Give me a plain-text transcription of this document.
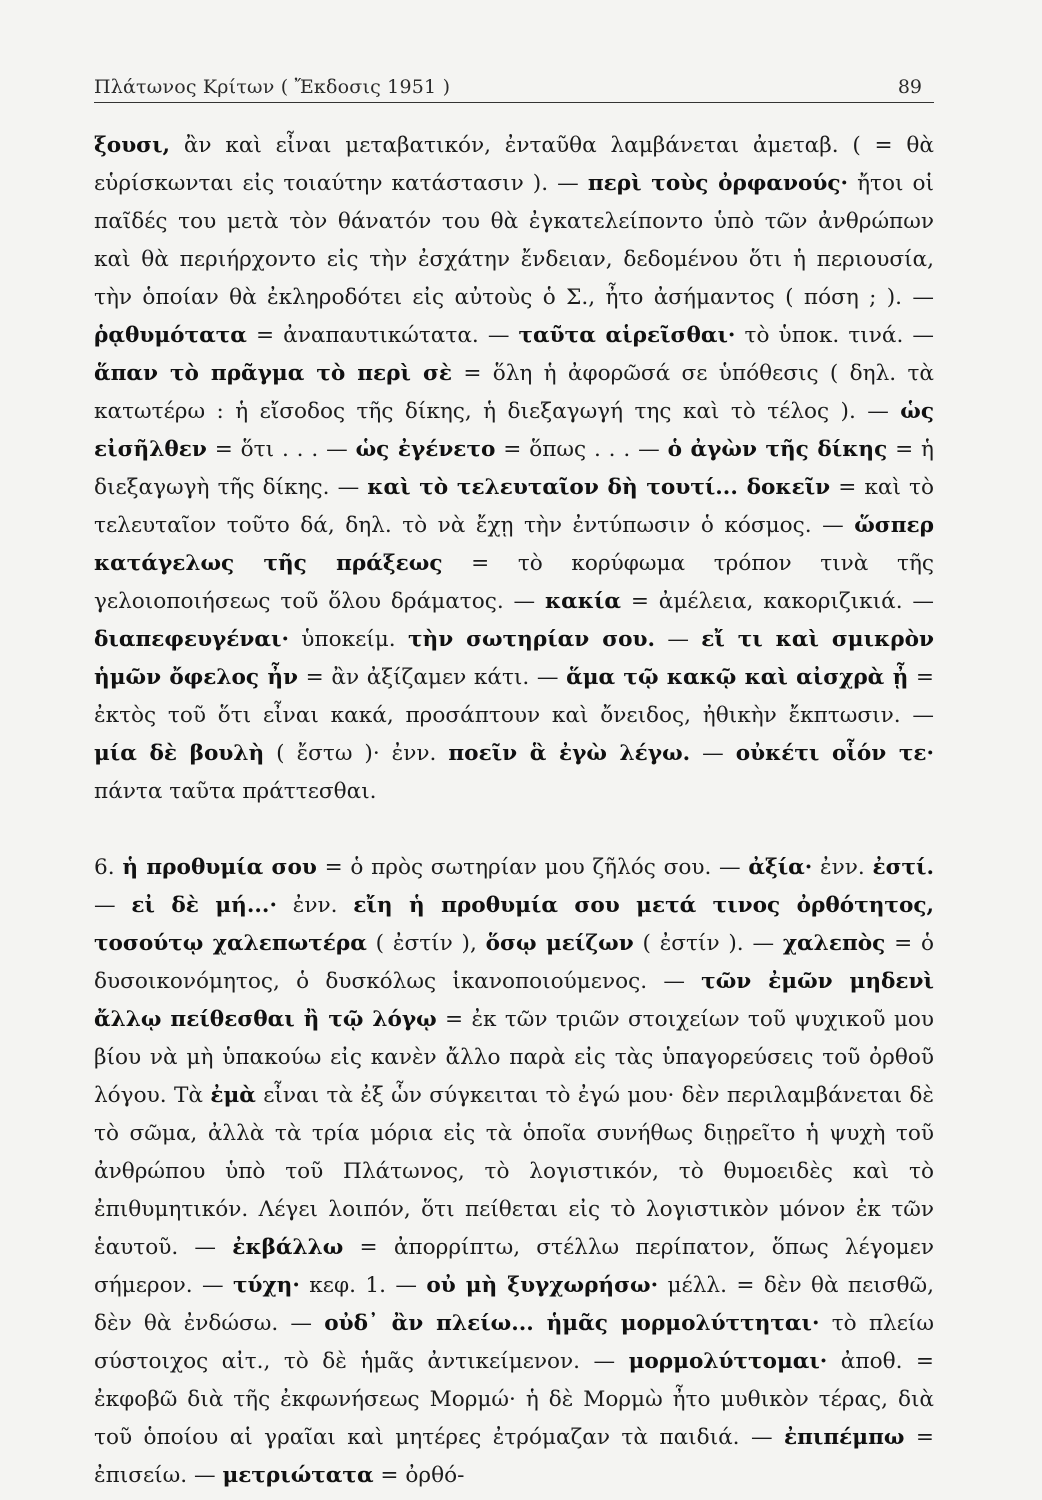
Πλάτωνος Κρίτων ( Ἔκδοσις 1951 )	89

ξουσι, ἂν καὶ εἶναι μεταβατικόν, ἐνταῦθα λαμβάνεται ἀμεταβ. ( = θὰ εὑρίσκωνται εἰς τοιαύτην κατάστασιν ). — περὶ τοὺς ὀρφανούς· ἤτοι οἱ παῖδές του μετὰ τὸν θάνατόν του θὰ ἐγκατελείποντο ὑπὸ τῶν ἀνθρώπων καὶ θὰ περιήρχοντο εἰς τὴν ἐσχάτην ἔνδειαν, δεδομένου ὅτι ἡ περιουσία, τὴν ὁποίαν θὰ ἐκληροδότει εἰς αὐτοὺς ὁ Σ., ἦτο ἀσήμαντος ( πόση ; ). —ῥᾳθυμότατα = ἀναπαυτικώτατα. — ταῦτα αἱρεῖσθαι· τὸ ὑποκ. τινά. — ἅπαν τὸ πρᾶγμα τὸ περὶ σὲ = ὅλη ἡ ἀφορῶσά σε ὑπόθεσις ( δηλ. τὰ κατωτέρω : ἡ εἴσοδος τῆς δίκης, ἡ διεξαγωγή της καὶ τὸ τέλος ). — ὡς εἰσῆλθεν = ὅτι . . . — ὡς ἐγένετο = ὅπως . . . — ὁ ἀγὼν τῆς δίκης = ἡ διεξαγωγὴ τῆς δίκης. — καὶ τὸ τελευταῖον δὴ τουτί... δοκεῖν = καὶ τὸ τελευταῖον τοῦτο δά, δηλ. τὸ νὰ ἔχῃ τὴν ἐντύπωσιν ὁ κόσμος. — ὥσπερ κατάγελως τῆς πράξεως = τὸ κορύφωμα τρόπον τινὰ τῆς γελοιοποιήσεως τοῦ ὅλου δράματος. — κακία = ἀμέλεια, κακοριζικιά. — διαπεφευγέναι· ὑποκείμ. τὴν σωτηρίαν σου. — εἴ τι καὶ σμικρὸν ἡμῶν ὄφελος ἦν = ἂν ἀξίζαμεν κάτι. — ἅμα τῷ κακῷ καὶ αἰσχρὰ ᾖ = ἐκτὸς τοῦ ὅτι εἶναι κακά, προσάπτουν καὶ ὄνειδος, ἠθικὴν ἔκπτωσιν. — μία δὲ βουλὴ ( ἔστω )· ἐνν. ποεῖν ἃ ἐγὼ λέγω. — οὐκέτι οἷόν τε· πάντα ταῦτα πράττεσθαι.

6. ἡ προθυμία σου = ὁ πρὸς σωτηρίαν μου ζῆλός σου. — ἀξία· ἐνν. ἐστί. — εἰ δὲ μή...· ἐνν. εἴη ἡ προθυμία σου μετά τινος ὀρθότητος, τοσούτῳ χαλεπωτέρα ( ἐστίν ), ὅσῳ μείζων ( ἐστίν ). — χαλεπὸς = ὁ δυσοικονόμητος, ὁ δυσκόλως ἱκανοποιούμενος. — τῶν ἐμῶν μηδενὶ ἄλλῳ πείθεσθαι ἢ τῷ λόγῳ = ἐκ τῶν τριῶν στοιχείων τοῦ ψυχικοῦ μου βίου νὰ μὴ ὑπακούω εἰς κανὲν ἄλλο παρὰ εἰς τὰς ὑπαγορεύσεις τοῦ ὀρθοῦ λόγου. Τὰ ἐμὰ εἶναι τὰ ἐξ ὧν σύγκειται τὸ ἐγώ μου· δὲν περιλαμβάνεται δὲ τὸ σῶμα, ἀλλὰ τὰ τρία μόρια εἰς τὰ ὁποῖα συνήθως διῃρεῖτο ἡ ψυχὴ τοῦ ἀνθρώπου ὑπὸ τοῦ Πλάτωνος, τὸ λογιστικόν, τὸ θυμοειδὲς καὶ τὸ ἐπιθυμητικόν. Λέγει λοιπόν, ὅτι πείθεται εἰς τὸ λογιστικὸν μόνον ἐκ τῶν ἑαυτοῦ. — ἐκβάλλω = ἀπορρίπτω, στέλλω περίπατον, ὅπως λέγομεν σήμερον. — τύχη· κεφ. 1. — οὐ μὴ ξυγχωρήσω· μέλλ. = δὲν θὰ πεισθῶ, δὲν θὰ ἐνδώσω. — οὐδ᾽ ἂν πλείω... ἡμᾶς μορμολύττηται· τὸ πλείω σύστοιχος αἰτ., τὸ δὲ ἡμᾶς ἀντικείμενον. — μορμολύττομαι· ἀποθ. = ἐκφοβῶ διὰ τῆς ἐκφωνήσεως Μορμώ· ἡ δὲ Μορμὼ ἦτο μυθικὸν τέρας, διὰ τοῦ ὁποίου αἱ γραῖαι καὶ μητέρες ἐτρόμαζαν τὰ παιδιά. — ἐπιπέμπω = ἐπισείω. — μετριώτατα = ὀρθό-
